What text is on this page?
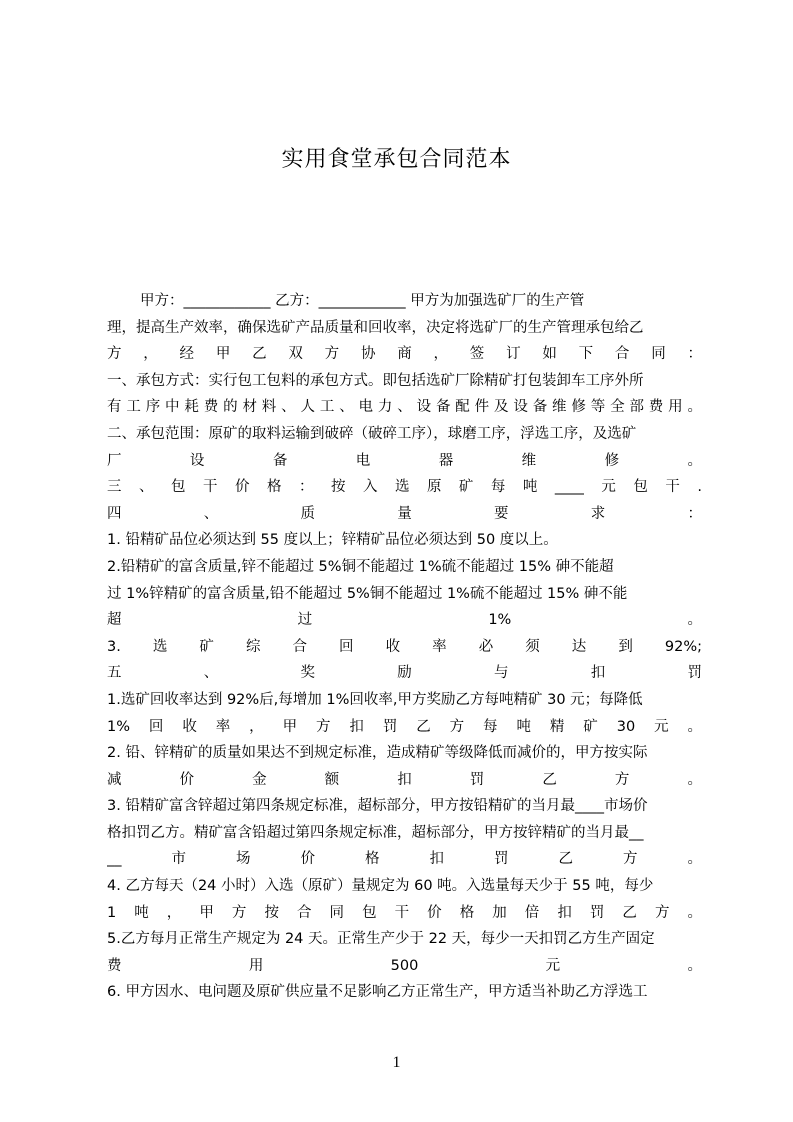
实用食堂承包合同范本
甲方：____________ 乙方：____________ 甲方为加强选矿厂的生产管
理，提高生产效率，确保选矿产品质量和回收率，决定将选矿厂的生产管理承包给乙
方，经甲乙双方协商，签订如下合同：
一、承包方式：实行包工包料的承包方式。即包括选矿厂除精矿打包装卸车工序外所
有工序中耗费的材料、人工、电力、设备配件及设备维修等全部费用。
二、承包范围：原矿的取料运输到破碎（破碎工序），球磨工序，浮选工序，及选矿
厂设备电器维修。
三、包干价格：按入选原矿每吨____元包干.
四、质量要求：
1. 铅精矿品位必须达到 55 度以上；锌精矿品位必须达到 50 度以上。
2.铅精矿的富含质量,锌不能超过 5%铜不能超过 1%硫不能超过 15% 砷不能超
过 1%锌精矿的富含质量,铅不能超过 5%铜不能超过 1%硫不能超过 15% 砷不能
超过1%。
3.选矿综合回收率必须达到92%;
五、奖励与扣罚
1.选矿回收率达到 92%后,每增加 1%回收率,甲方奖励乙方每吨精矿 30 元；每降低
1%回收率，甲方扣罚乙方每吨精矿30元。
2. 铅、锌精矿的质量如果达不到规定标准，造成精矿等级降低而减价的，甲方按实际
减价金额扣罚乙方。
3. 铅精矿富含锌超过第四条规定标准，超标部分，甲方按铅精矿的当月最____市场价
格扣罚乙方。精矿富含铅超过第四条规定标准，超标部分，甲方按锌精矿的当月最__
__市场价格扣罚乙方。
4. 乙方每天（24 小时）入选（原矿）量规定为 60 吨。入选量每天少于 55 吨，每少
1吨，甲方按合同包干价格加倍扣罚乙方。
5.乙方每月正常生产规定为 24 天。正常生产少于 22 天，每少一天扣罚乙方生产固定
费用500元。
6. 甲方因水、电问题及原矿供应量不足影响乙方正常生产，甲方适当补助乙方浮选工
1
